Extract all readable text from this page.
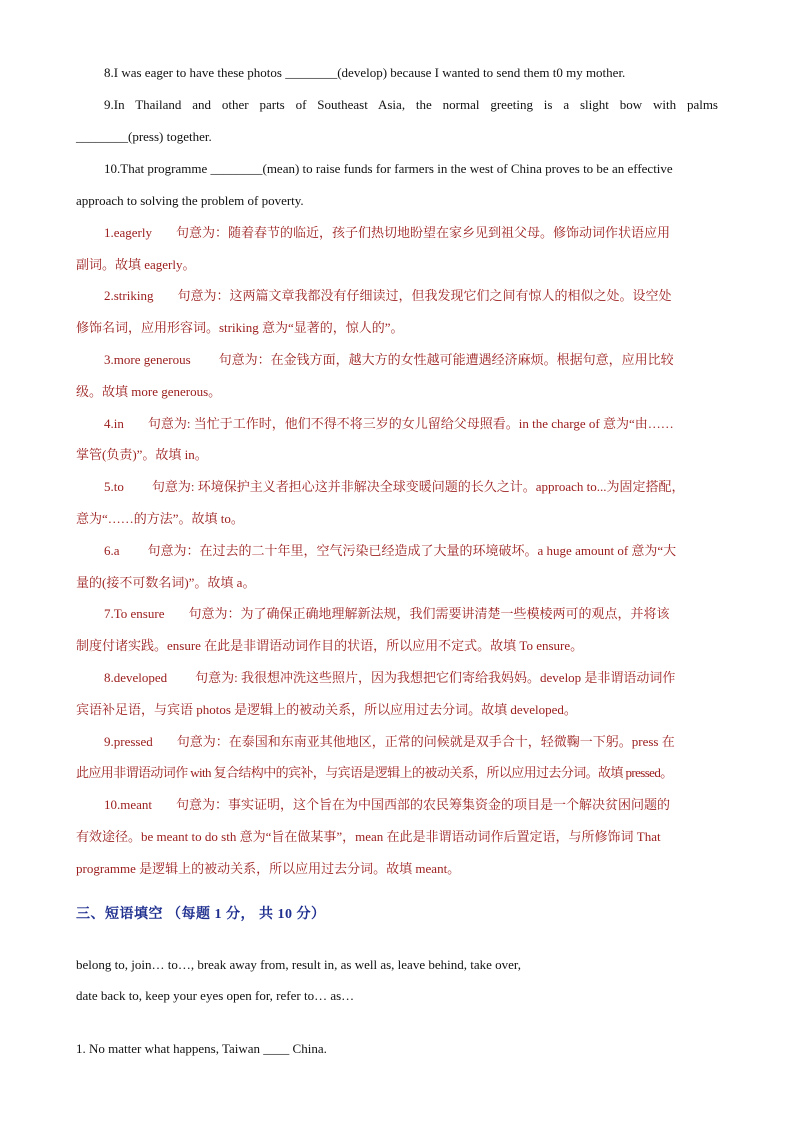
8.I was eager to have these photos ________(develop) because I wanted to send them t0 my mother.
9.In Thailand and other parts of Southeast Asia, the normal greeting is a slight bow with palms
________(press) together.
10.That programme ________(mean) to raise funds for farmers in the west of China proves to be an effective
approach to solving the problem of poverty.
1.eagerly 句意为：随着春节的临近，孩子们热切地盼望在家乡见到祖父母。修饰动词作状语应用
副词。故填 eagerly。
2.striking 句意为：这两篇文章我都没有仔细读过，但我发现它们之间有惊人的相似之处。设空处
修饰名词，应用形容词。striking 意为“显著的，惊人的”。
3.more generous 句意为：在金钱方面，越大方的女性越可能遭遇经济麻烦。根据句意，应用比较
级。故填 more generous。
4.in 句意为: 当忙于工作时，他们不得不将三岁的女儿留给父母照看。in the charge of 意为“由……
掌管(负责)”。故填 in。
5.to 句意为: 环境保护主义者担心这并非解决全球变暖问题的长久之计。approach to...为固定搭配，
意为“……的方法”。故填 to。
6.a 句意为：在过去的二十年里，空气污染已经造成了大量的环境破坏。a huge amount of 意为“大
量的(接不可数名词)”。故填 a。
7.To ensure 句意为：为了确保正确地理解新法规，我们需要讲清楚一些模棱两可的观点，并将该
制度付诸实践。ensure 在此是非谓语动词作目的状语，所以应用不定式。故填 To ensure。
8.developed 句意为: 我很想冲洗这些照片，因为我想把它们寄给我妈妈。develop 是非谓语动词作
宾语补足语，与宾语 photos 是逻辑上的被动关系，所以应用过去分词。故填 developed。
9.pressed 句意为：在泰国和东南亚其他地区，正常的问候就是双手合十，轻微鞠一下躬。press 在
此应用非谓语动词作 with 复合结构中的宾补，与宾语是逻辑上的被动关系，所以应用过去分词。故填 pressed。
10.meant 句意为：事实证明，这个旨在为中国西部的农民筹集资金的项目是一个解决贫困问题的
有效途径。be meant to do sth 意为“旨在做某事”，mean 在此是非谓语动词作后置定语，与所修饰词 That
programme 是逻辑上的被动关系，所以应用过去分词。故填 meant。
三、短语填空 （每题 1 分， 共 10 分）
belong to, join… to…, break away from, result in, as well as, leave behind, take over,
date back to, keep your eyes open for, refer to… as…
1. No matter what happens, Taiwan ____ China.
